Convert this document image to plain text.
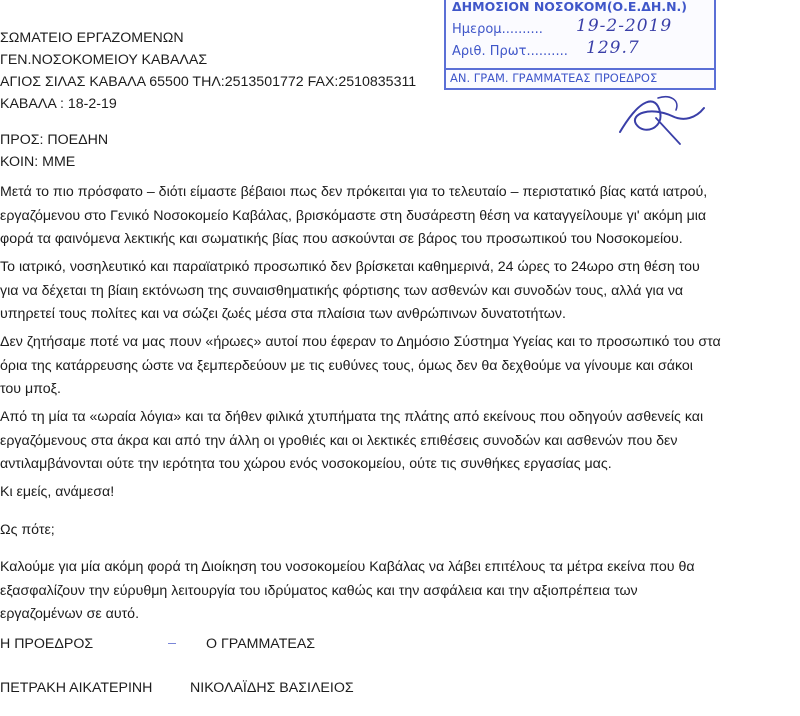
ΣΩΜΑΤΕΙΟ ΕΡΓΑΖΟΜΕΝΩΝ
ΓΕΝ.ΝΟΣΟΚΟΜΕΙΟΥ ΚΑΒΑΛΑΣ
ΑΓΙΟΣ ΣΙΛΑΣ ΚΑΒΑΛΑ 65500 ΤΗΛ:2513501772 FAX:2510835311
ΚΑΒΑΛΑ : 18-2-19
ΔΗΜΟΣΙΟΝ ΝΟΣΟΚΟΜ(Ο.Ε.ΔΗ.Ν.)
Ημερομ.......... 19-2-2019
Αριθ. Πρωτ.......... 129.7
ΑΝ. ΓΡΑΜ. ΓΡΑΜΜΑΤΕΑΣ ΠΡΟΕΔΡΟΣ
ΠΡΟΣ: ΠΟΕΔΗΝ
ΚΟΙΝ: ΜΜΕ
Μετά το πιο πρόσφατο – διότι είμαστε βέβαιοι πως δεν πρόκειται για το τελευταίο – περιστατικό βίας κατά ιατρού,
εργαζόμενου στο Γενικό Νοσοκομείο Καβάλας, βρισκόμαστε στη δυσάρεστη θέση να καταγγείλουμε γι' ακόμη μια
φορά τα φαινόμενα λεκτικής και σωματικής βίας που ασκούνται σε βάρος του προσωπικού του Νοσοκομείου.
Το ιατρικό, νοσηλευτικό και παραϊατρικό προσωπικό δεν βρίσκεται καθημερινά, 24 ώρες το 24ωρο στη θέση του
για να δέχεται τη βίαιη εκτόνωση της συναισθηματικής φόρτισης των ασθενών και συνοδών τους, αλλά για να
υπηρετεί τους πολίτες και να σώζει ζωές μέσα στα πλαίσια των ανθρώπινων δυνατοτήτων.
Δεν ζητήσαμε ποτέ να μας πουν «ήρωες» αυτοί που έφεραν το Δημόσιο Σύστημα Υγείας και το προσωπικό του στα
όρια της κατάρρευσης ώστε να ξεμπερδεύουν με τις ευθύνες τους, όμως δεν θα δεχθούμε να γίνουμε και σάκοι
του μποξ.
Από τη μία τα «ωραία λόγια» και τα δήθεν φιλικά χτυπήματα της πλάτης από εκείνους που οδηγούν ασθενείς και
εργαζόμενους στα άκρα και από την άλλη οι γροθιές και οι λεκτικές επιθέσεις συνοδών και ασθενών που δεν
αντιλαμβάνονται ούτε την ιερότητα του χώρου ενός νοσοκομείου, ούτε τις συνθήκες εργασίας μας.
Κι εμείς, ανάμεσα!
Ως πότε;
Καλούμε για μία ακόμη φορά τη Διοίκηση του νοσοκομείου Καβάλας να λάβει επιτέλους τα μέτρα εκείνα που θα
εξασφαλίζουν την εύρυθμη λειτουργία του ιδρύματος καθώς και την ασφάλεια και την αξιοπρέπεια των
εργαζομένων σε αυτό.
Η ΠΡΟΕΔΡΟΣ	Ο ΓΡΑΜΜΑΤΕΑΣ
ΠΕΤΡΑΚΗ ΑΙΚΑΤΕΡΙΝΗ	ΝΙΚΟΛΑΪΔΗΣ ΒΑΣΙΛΕΙΟΣ
